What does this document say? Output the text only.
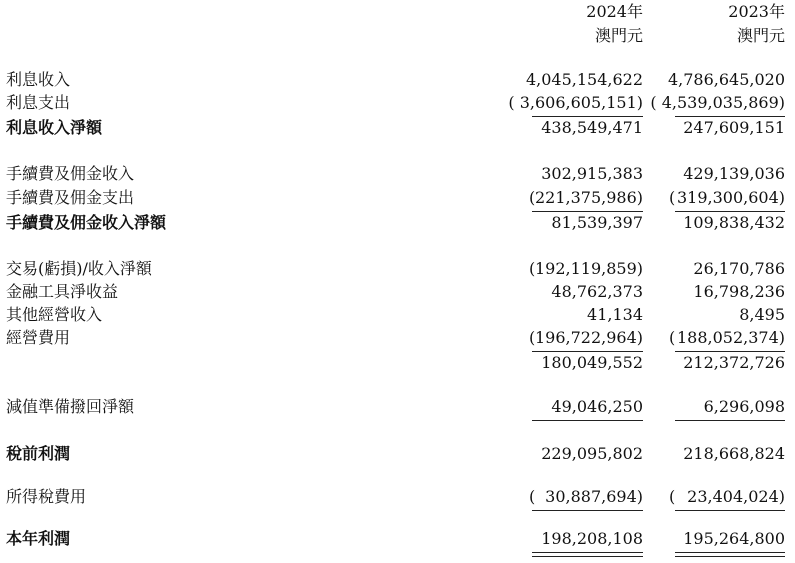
2024年	2023年
澳門元	澳門元
利息收入	4,045,154,622 4,786,645,020
利息支出	( 3,606,605,151) ( 4,539,035,869)
利息收入淨額	438,549,471	247,609,151
手續費及佣金收入	302,915,383	429,139,036
手續費及佣金支出	( 221,375,986) ( 319,300,604)
手續費及佣金收入淨額	81,539,397	109,838,432
交易(虧損)/收入淨額	( 192,119,859)	26,170,786
金融工具淨收益	48,762,373	16,798,236
其他經營收入	41,134	8,495
經營費用	( 196,722,964) ( 188,052,374)
180,049,552	212,372,726
減值準備撥回淨額	49,046,250	6,296,098
稅前利潤	229,095,802	218,668,824
所得稅費用	( 30,887,694) ( 23,404,024)
本年利潤	198,208,108	195,264,800
